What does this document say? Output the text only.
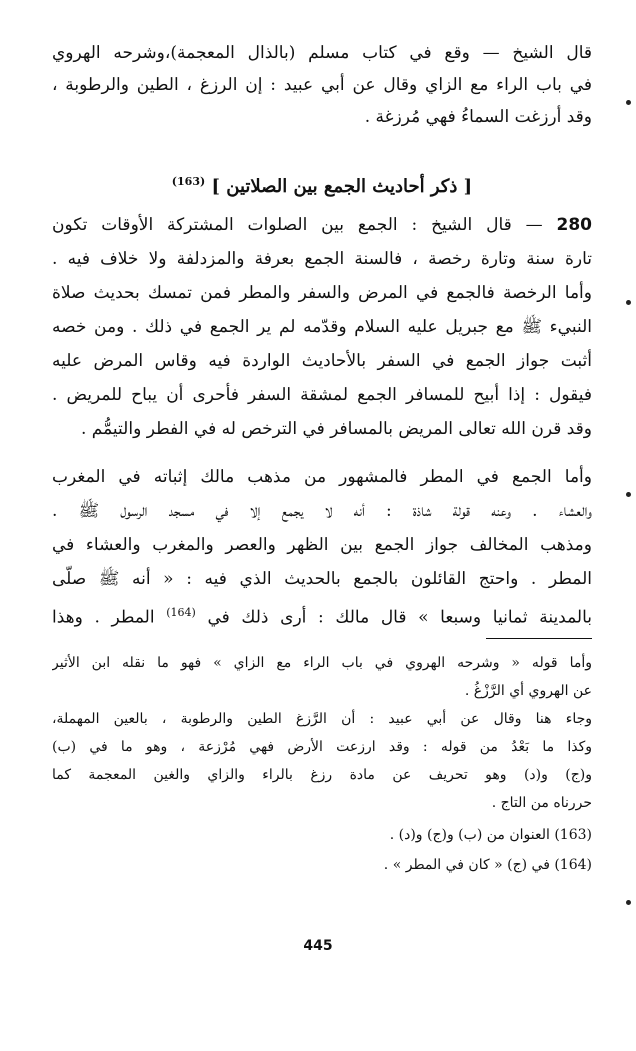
قال الشيخ — وقع في كتاب مسلم (بالذال المعجمة)،وشرحه الهروي
في باب الراء مع الزاي وقال عن أبي عبيد : إن الرزغ ، الطين والرطوبة ،
وقد أرزغت السماءُ فهي مُرزغة .
[ ذكر أحاديث الجمع بين الصلاتين ] $^{(163)}$
280 — قال الشيخ : الجمع بين الصلوات المشتركة الأوقات تكون
تارة سنة وتارة رخصة ، فالسنة الجمع بعرفة والمزدلفة ولا خلاف فيه .
وأما الرخصة فالجمع في المرض والسفر والمطر فمن تمسك بحديث صلاة
النبيء ﷺ مع جبريل عليه السلام وقدّمه لم ير الجمع في ذلك . ومن خصه
أثبت جواز الجمع في السفر بالأحاديث الواردة فيه وقاس المرض عليه
فيقول : إذا أبيح للمسافر الجمع لمشقة السفر فأحرى أن يباح للمريض .
وقد قرن الله تعالى المريض بالمسافر في الترخص له في الفطر والتيمُّم .
وأما الجمع في المطر فالمشهور من مذهب مالك إثباته في المغرب
والعشاء . وعنه قولة شاذة : أنه لا يجمع إلا في مسجد الرسول ﷺ .
ومذهب المخالف جواز الجمع بين الظهر والعصر والمغرب والعشاء في
المطر . واحتج القائلون بالجمع بالحديث الذي فيه : « أنه ﷺ صلّى
بالمدينة ثمانيا وسبعا » قال مالك : أرى ذلك في $^{(164)}$ المطر . وهذا
وأما قوله « وشرحه الهروي في باب الراء مع الزاي » فهو ما نقله ابن الأثير
عن الهروي أي الرَّزْغُ .
وجاء هنا وقال عن أبي عبيد : أن الرَّزغ الطين والرطوبة ، بالعين المهملة،
وكذا ما بَعْدُ من قوله : وقد ارزعت الأرض فهي مُرْزعة ، وهو ما في (ب)
و(ج) و(د) وهو تحريف عن مادة رزغ بالراء والزاي والغين المعجمة كما
حررناه من التاج .
(163) العنوان من (ب) و(ج) و(د) .
(164) في (ج) « كان في المطر » .
445
